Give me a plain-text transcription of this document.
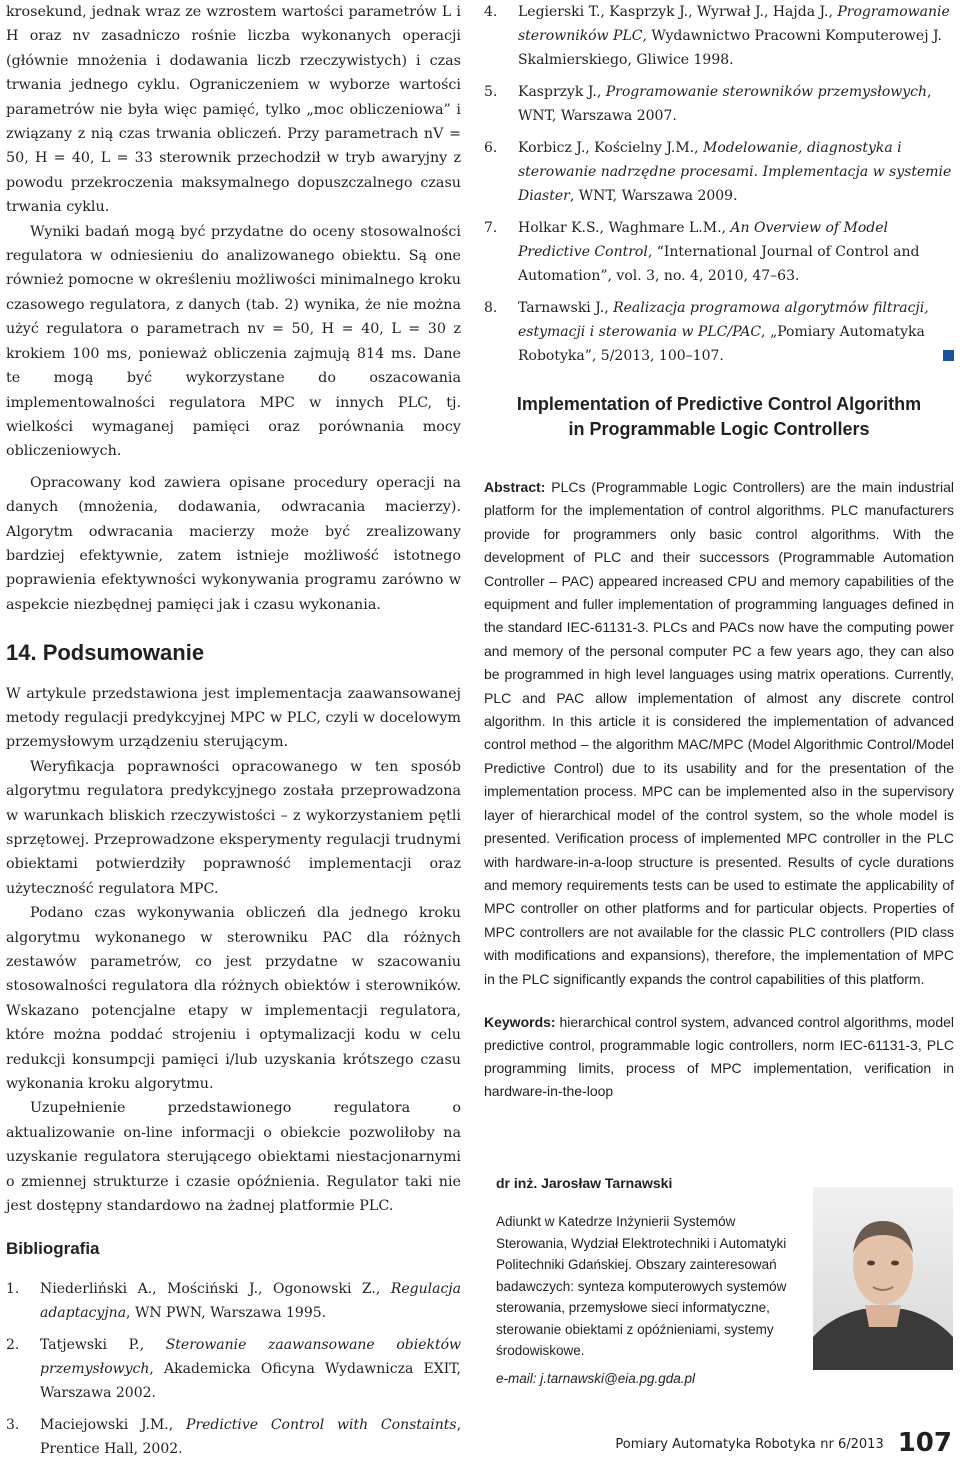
krosekund, jednak wraz ze wzrostem wartości parametrów L i H oraz nv zasadniczo rośnie liczba wykonanych operacji (głównie mnożenia i dodawania liczb rzeczywistych) i czas trwania jednego cyklu. Ograniczeniem w wyborze wartości parametrów nie była więc pamięć, tylko „moc obliczeniowa” i związany z nią czas trwania obliczeń. Przy parametrach nV = 50, H = 40, L = 33 sterownik przechodził w tryb awaryjny z powodu przekroczenia maksymalnego dopuszczalnego czasu trwania cyklu.

Wyniki badań mogą być przydatne do oceny stosowalności regulatora w odniesieniu do analizowanego obiektu. Są one również pomocne w określeniu możliwości minimalnego kroku czasowego regulatora, z danych (tab. 2) wynika, że nie można użyć regulatora o parametrach nv = 50, H = 40, L = 30 z krokiem 100 ms, ponieważ obliczenia zajmują 814 ms. Dane te mogą być wykorzystane do oszacowania implementowalności regulatora MPC w innych PLC, tj. wielkości wymaganej pamięci oraz porównania mocy obliczeniowych.

Opracowany kod zawiera opisane procedury operacji na danych (mnożenia, dodawania, odwracania macierzy). Algorytm odwracania macierzy może być zrealizowany bardziej efektywnie, zatem istnieje możliwość istotnego poprawienia efektywności wykonywania programu zarówno w aspekcie niezbędnej pamięci jak i czasu wykonania.

14. Podsumowanie

W artykule przedstawiona jest implementacja zaawansowanej metody regulacji predykcyjnej MPC w PLC, czyli w docelowym przemysłowym urządzeniu sterującym.

Weryfikacja poprawności opracowanego w ten sposób algorytmu regulatora predykcyjnego została przeprowadzona w warunkach bliskich rzeczywistości – z wykorzystaniem pętli sprzętowej. Przeprowadzone eksperymenty regulacji trudnymi obiektami potwierdziły poprawność implementacji oraz użyteczność regulatora MPC.

Podano czas wykonywania obliczeń dla jednego kroku algorytmu wykonanego w sterowniku PAC dla różnych zestawów parametrów, co jest przydatne w szacowaniu stosowalności regulatora dla różnych obiektów i sterowników. Wskazano potencjalne etapy w implementacji regulatora, które można poddać strojeniu i optymalizacji kodu w celu redukcji konsumpcji pamięci i/lub uzyskania krótszego czasu wykonania kroku algorytmu.

Uzupełnienie przedstawionego regulatora o aktualizowanie on-line informacji o obiekcie pozwoliłoby na uzyskanie regulatora sterującego obiektami niestacjonarnymi o zmiennej strukturze i czasie opóźnienia. Regulator taki nie jest dostępny standardowo na żadnej platformie PLC.

Bibliografia
1. Niederliński A., Mościński J., Ogonowski Z., Regulacja adaptacyjna, WN PWN, Warszawa 1995.
2. Tatjewski P., Sterowanie zaawansowane obiektów przemysłowych, Akademicka Oficyna Wydawnicza EXIT, Warszawa 2002.
3. Maciejowski J.M., Predictive Control with Constaints, Prentice Hall, 2002.
4. Legierski T., Kasprzyk J., Wyrwał J., Hajda J., Programowanie sterowników PLC, Wydawnictwo Pracowni Komputerowej J. Skalmierskiego, Gliwice 1998.
5. Kasprzyk J., Programowanie sterowników przemysłowych, WNT, Warszawa 2007.
6. Korbicz J., Kościelny J.M., Modelowanie, diagnostyka i sterowanie nadrzędne procesami. Implementacja w systemie Diaster, WNT, Warszawa 2009.
7. Holkar K.S., Waghmare L.M., An Overview of Model Predictive Control, “International Journal of Control and Automation”, vol. 3, no. 4, 2010, 47–63.
8. Tarnawski J., Realizacja programowa algorytmów filtracji, estymacji i sterowania w PLC/PAC, „Pomiary Automatyka Robotyka”, 5/2013, 100–107.
Implementation of Predictive Control Algorithm
in Programmable Logic Controllers
Abstract: PLCs (Programmable Logic Controllers) are the main industrial platform for the implementation of control algorithms. PLC manufacturers provide for programmers only basic control algorithms. With the development of PLC and their successors (Programmable Automation Controller – PAC) appeared increased CPU and memory capabilities of the equipment and fuller implementation of programming languages defined in the standard IEC-61131-3. PLCs and PACs now have the computing power and memory of the personal computer PC a few years ago, they can also be programmed in high level languages using matrix operations. Currently, PLC and PAC allow implementation of almost any discrete control algorithm. In this article it is considered the implementation of advanced control method – the algorithm MAC/MPC (Model Algorithmic Control/Model Predictive Control) due to its usability and for the presentation of the implementation process. MPC can be implemented also in the supervisory layer of hierarchical model of the control system, so the whole model is presented. Verification process of implemented MPC controller in the PLC with hardware-in-a-loop structure is presented. Results of cycle durations and memory requirements tests can be used to estimate the applicability of MPC controller on other platforms and for particular objects. Properties of MPC controllers are not available for the classic PLC controllers (PID class with modifications and expansions), therefore, the implementation of MPC in the PLC significantly expands the control capabilities of this platform.
Keywords: hierarchical control system, advanced control algorithms, model predictive control, programmable logic controllers, norm IEC-61131-3, PLC programming limits, process of MPC implementation, verification in hardware-in-the-loop
dr inż. Jarosław Tarnawski
Adiunkt w Katedrze Inżynierii Systemów Sterowania, Wydział Elektrotechniki i Automatyki Politechniki Gdańskiej. Obszary zainteresowań badawczych: synteza komputerowych systemów sterowania, przemysłowe sieci informatyczne, sterowanie obiektami z opóźnieniami, systemy środowiskowe.
e-mail: j.tarnawski@eia.pg.gda.pl
Pomiary Automatyka Robotyka nr 6/2013 107
